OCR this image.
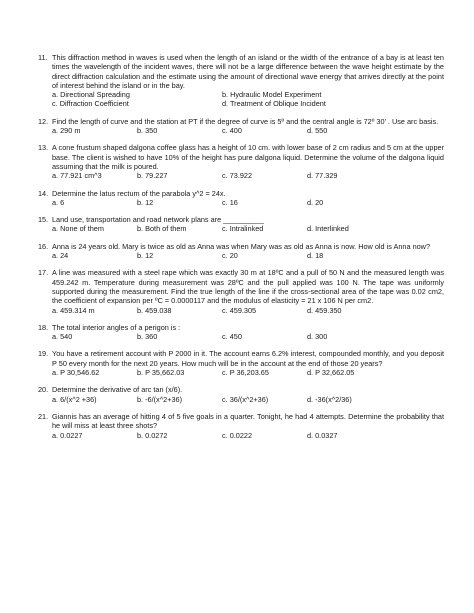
11. This diffraction method in waves is used when the length of an island or the width of the entrance of a bay is at least ten times the wavelength of the incident waves, there will not be a large difference between the wave height estimate by the direct diffraction calculation and the estimate using the amount of directional wave energy that arrives directly at the point of interest behind the island or in the bay.
a. Directional Spreading	b. Hydraulic Model Experiment
c. Diffraction Coefficient	d. Treatment of Oblique Incident
12. Find the length of curve and the station at PT if the degree of curve is 5º and the central angle is 72º 30’ . Use arc basis.
a. 290 m	b. 350	c. 400	d. 550
13. A cone frustum shaped dalgona coffee glass has a height of 10 cm. with lower base of 2 cm radius and 5 cm at the upper base. The client is wished to have 10% of the height has pure dalgona liquid. Determine the volume of the dalgona liquid assuming that the milk is poured.
a. 77.921 cm^3	b. 79.227	c. 73.922	d. 77.329
14. Determine the latus rectum of the parabola y^2 = 24x.
a. 6	b. 12	c. 16	d. 20
15. Land use, transportation and road network plans are __________
a. None of them	b. Both of them	c. Intralinked	d. Interlinked
16. Anna is 24 years old. Mary is twice as old as Anna was when Mary was as old as Anna is now. How old is Anna now?
a. 24	b. 12	c. 20	d. 18
17. A line was measured with a steel rape which was exactly 30 m at 18ºC and a pull of 50 N and the measured length was 459.242 m. Temperature during measurement was 28ºC and the pull applied was 100 N. The tape was uniformly supported during the measurement. Find the true length of the line if the cross-sectional area of the tape was 0.02 cm2, the coefficient of expansion per ºC = 0.0000117 and the modulus of elasticity = 21 x 106 N per cm2.
a. 459.314 m	b. 459.038	c. 459.305	d. 459.350
18. The total interior angles of a perigon is :
a. 540	b. 360	c. 450	d. 300
19. You have a retirement account with P 2000 in it. The account earns 6.2% interest, compounded monthly, and you deposit P 50 every month for the next 20 years. How much will be in the account at the end of those 20 years?
a. P 30,546.62	b. P 35,662.03	c. P 36,203.65	d. P 32,662.05
20. Determine the derivative of arc tan (x/6).
a. 6/(x^2 +36)	b. -6/(x^2+36)	c. 36/(x^2+36)	d. -36(x^2/36)
21. Giannis has an average of hitting 4 of 5 five goals in a quarter. Tonight, he had 4 attempts. Determine the probability that he will miss at least three shots?
a. 0.0227	b. 0.0272	c. 0.0222	d. 0.0327
